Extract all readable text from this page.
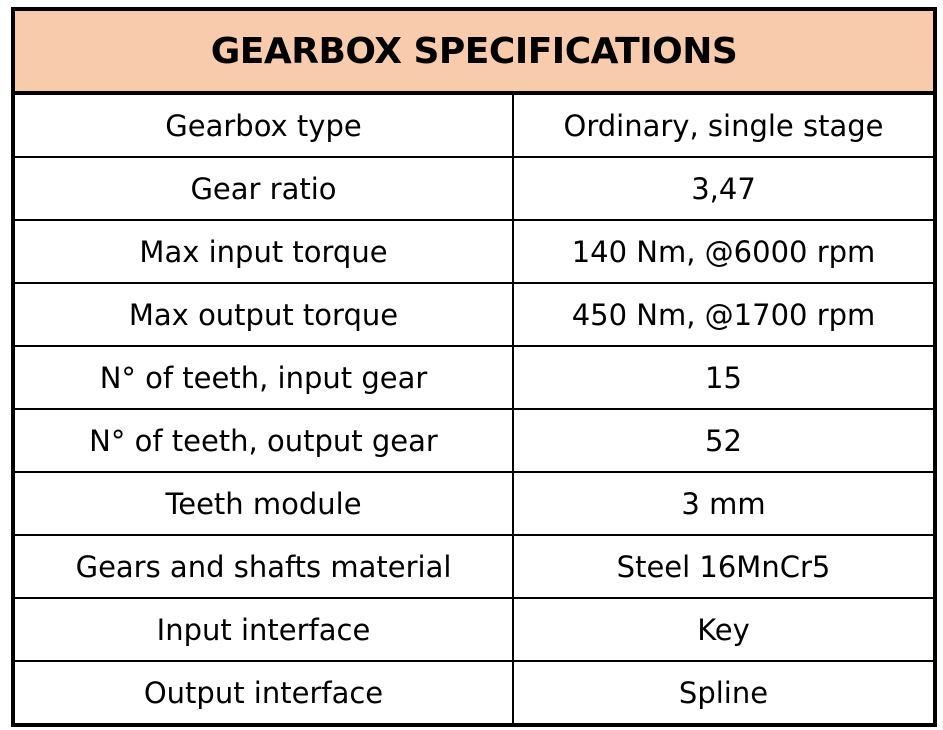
GEARBOX SPECIFICATIONS	
Gearbox type	Ordinary, single stage
Gear ratio	3,47
Max input torque	140 Nm, @6000 rpm
Max output torque	450 Nm, @1700 rpm
N° of teeth, input gear	15
N° of teeth, output gear	52
Teeth module	3 mm
Gears and shafts material	Steel 16MnCr5
Input interface	Key
Output interface	Spline
